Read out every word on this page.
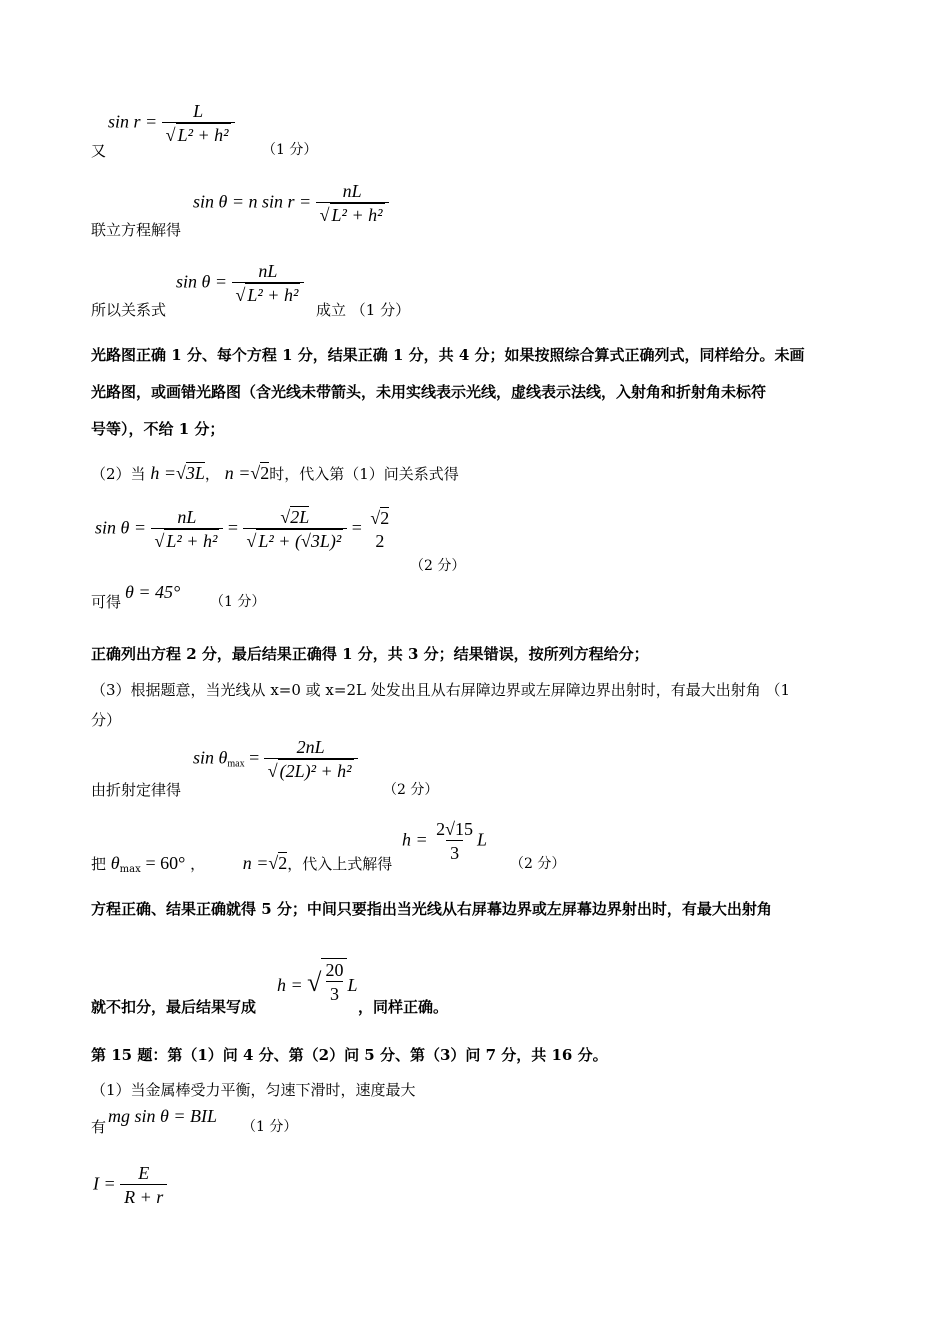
又
$\sin r = \frac{L}{\text{√ L² + h²}}$
（1 分）
联立方程解得
sin θ = n $\sin r = \frac{nL}{\text{√ L² + h²}}$
所以关系式
$\sin \theta = \frac{nL}{\text{√ L² + h²}}$
成立 （1 分）
光路图正确 1 分、每个方程 1 分，结果正确 1 分，共 4 分；如果按照综合算式正确列式，同样给分。未画
光路图，或画错光路图（含光线未带箭头，未用实线表示光线，虚线表示法线，入射角和折射角未标符
号等），不给 1 分；
（2）当 h =√3L， n =√2时，代入第（1）问关系式得
$\sin \theta = \frac{nL}{\text{√ L² + h²}} = \frac{√2L}{\text{√ L² + (√3L)²}}$ =
√2
2
（2 分）
可得 θ = 45° （1 分）
正确列出方程 2 分，最后结果正确得 1 分，共 3 分；结果错误，按所列方程给分；
（3）根据题意，当光线从 x=0 或 x=2L 处发出且从右屏障边界或左屏障边界出射时，有最大出射角 （1
分）
由折射定律得
$\sin \theta_{max} = \frac{2nL}{\text{√ (2L)² + h²}}$
（2 分）
把 $\theta_{max} = 60^\circ$ ， n =√2，代入上式解得
$h = \frac{2√15}{3}$ L
（2 分）
方程正确、结果正确就得 5 分；中间只要指出当光线从右屏幕边界或左屏幕边界射出时，有最大出射角
就不扣分，最后结果写成
h = √ $\frac{20}{3}$ L
，同样正确。
第 15 题：第（1）问 4 分、第（2）问 5 分、第（3）问 7 分，共 16 分。
（1）当金属棒受力平衡，匀速下滑时，速度最大
有
mg sin θ = BIL
（1 分）
$I = \frac{E}{R + r}$
